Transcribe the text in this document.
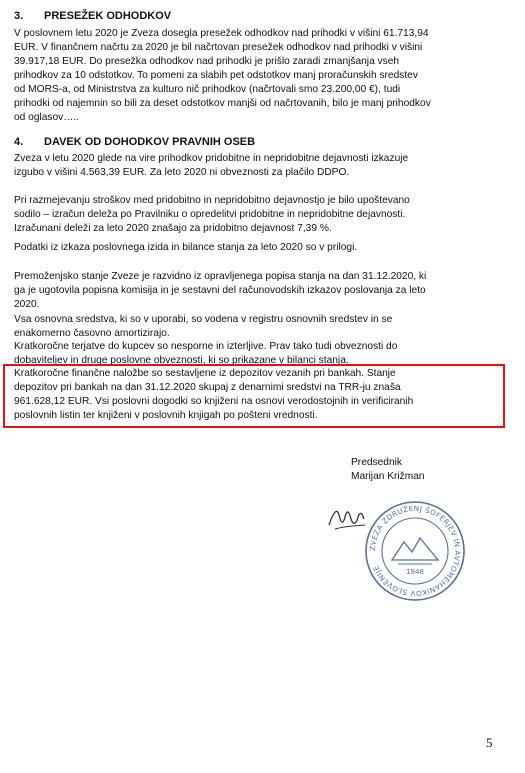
3. PRESEŽEK ODHODKOV
V poslovnem letu 2020 je Zveza dosegla presežek odhodkov nad prihodki v višini 61.713,94
EUR. V finančnem načrtu za 2020 je bil načrtovan presežek odhodkov nad prihodki v višini
39.917,18 EUR. Do presežka odhodkov nad prihodki je prišlo zaradi zmanjšanja vseh
prihodkov za 10 odstotkov. To pomeni za slabih pet odstotkov manj proračunskih sredstev
od MORS-a, od Ministrstva za kulturo nič prihodkov (načrtovali smo 23.200,00 €), tudi
prihodki od najemnin so bili za deset odstotkov manjši od načrtovanih, bilo je manj prihodkov
od oglasov…..
4. DAVEK OD DOHODKOV PRAVNIH OSEB
Zveza v letu 2020 glede na vire prihodkov pridobitne in nepridobitne dejavnosti izkazuje
izgubo v višini 4.563,39 EUR. Za leto 2020 ni obveznosti za plačilo DDPO.
Pri razmejevanju stroškov med pridobitno in nepridobitno dejavnostjo je bilo upoštevano
sodilo – izračun deleža po Pravilniku o opredelitvi pridobitne in nepridobitne dejavnosti.
Izračunani deleži za leto 2020 znašajo za pridobitno dejavnost 7,39 %.
Podatki iz izkaza poslovnega izida in bilance stanja za leto 2020 so v prilogi.
Premoženjsko stanje Zveze je razvidno iz opravljenega popisa stanja na dan 31.12.2020, ki
ga je ugotovila popisna komisija in je sestavni del računovodskih izkazov poslovanja za leto
2020.
Vsa osnovna sredstva, ki so v uporabi, so vodena v registru osnovnih sredstev in se
enakomerno časovno amortizirajo.
Kratkoročne terjatve do kupcev so nesporne in izterljive. Prav tako tudi obveznosti do
dobaviteljev in druge poslovne obveznosti, ki so prikazane v bilanci stanja.
Kratkoročne finančne naložbe so sestavljene iz depozitov vezanih pri bankah. Stanje
depozitov pri bankah na dan 31.12.2020 skupaj z denarnimi sredstvi na TRR-ju znaša
961.628,12 EUR. Vsi poslovni dogodki so knjiženi na osnovi verodostojnih in verificiranih
poslovnih listin ter knjiženi v poslovnih knjigah po pošteni vrednosti.
Predsednik
Marijan Križman
ZVEZA ZDRUŽENJ ŠOFERJEV IN AVTOMEHANIKOV SLOVENIJE	1948
5
